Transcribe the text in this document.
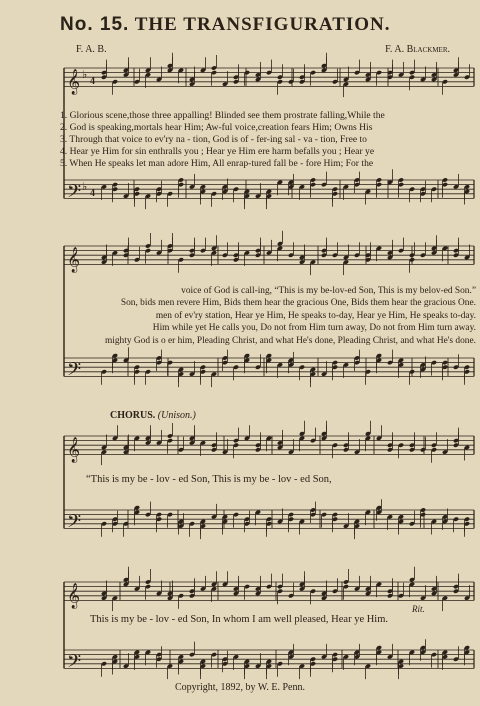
No. 15. THE TRANSFIGURATION.
F. A. B.	F. A. Blackmer.
𝄞
𝄢
𝄞
𝄢
𝄞
𝄢
𝄞
𝄢
♭
4
♭
4
1. Glorious scene,those three appalling! Blinded see them prostrate falling,While the
2. God is speaking,mortals hear Him; Aw-ful voice,creation fears Him; Owns His
3. Through that voice to ev'ry na - tion, God is of - fer-ing sal - va - tion, Free to
4. Hear ye Him for sin enthralls you ; Hear ye Him ere harm befalls you ; Hear ye
5. When He speaks let man adore Him, All enrap-tured fall be - fore Him; For the
voice of God is call-ing, “This is my be-lov-ed Son, This is my belov-ed Son.”
Son, bids men revere Him, Bids them hear the gracious One, Bids them hear the gracious One.
men of ev'ry station, Hear ye Him, He speaks to-day, Hear ye Him, He speaks to-day.
Him while yet He calls you, Do not from Him turn away, Do not from Him turn away.
mighty God is o er him, Pleading Christ, and what He's done, Pleading Christ, and what He's done.
CHORUS. (Unison.)
“This is my be - lov - ed Son, This is my be - lov - ed Son,
This is my be - lov - ed Son, In whom I am well pleased, Hear ye Him.
Rit.
Copyright, 1892, by W. E. Penn.
